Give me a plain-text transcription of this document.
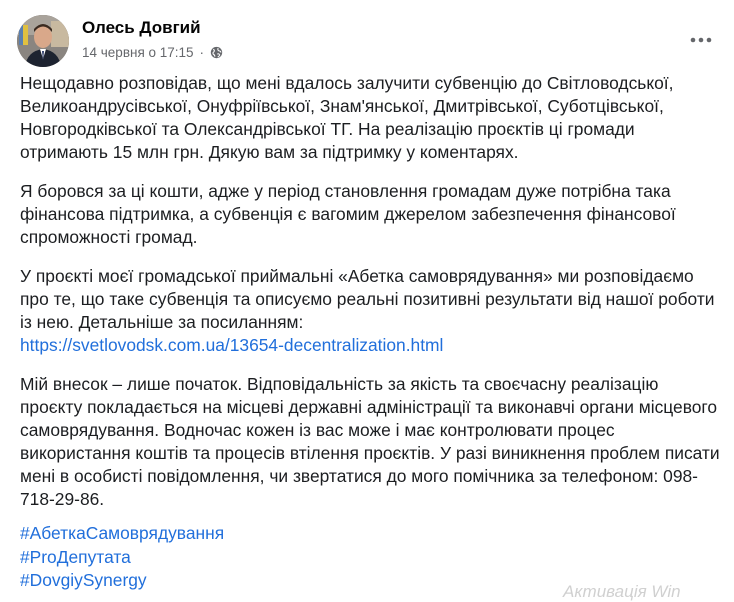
Олесь Довгий
14 червня о 17:15 ·

Нещодавно розповідав, що мені вдалось залучити субвенцію до Світловодської, Великоандрусівської, Онуфріївської, Знам'янської, Дмитрівської, Суботцівської, Новгородківської та Олександрівської ТГ. На реалізацію проєктів ці громади отримають 15 млн грн. Дякую вам за підтримку у коментарях.

Я боровся за ці кошти, адже у період становлення громадам дуже потрібна така фінансова підтримка, а субвенція є вагомим джерелом забезпечення фінансової спроможності громад.

У проєкті моєї громадської приймальні «Абетка самоврядування» ми розповідаємо про те, що таке субвенція та описуємо реальні позитивні результати від нашої роботи із нею. Детальніше за посиланням:
https://svetlovodsk.com.ua/13654-decentralization.html

Мій внесок – лише початок. Відповідальність за якість та своєчасну реалізацію проєкту покладається на місцеві державні адміністрації та виконавчі органи місцевого самоврядування. Водночас кожен із вас може і має контролювати процес використання коштів та процесів втілення проєктів. У разі виникнення проблем писати мені в особисті повідомлення, чи звертатися до мого помічника за телефоном: 098-718-29-86.

#АбеткаСамоврядування
#ProДепутата
#DovgiySynergy
Активація Win
